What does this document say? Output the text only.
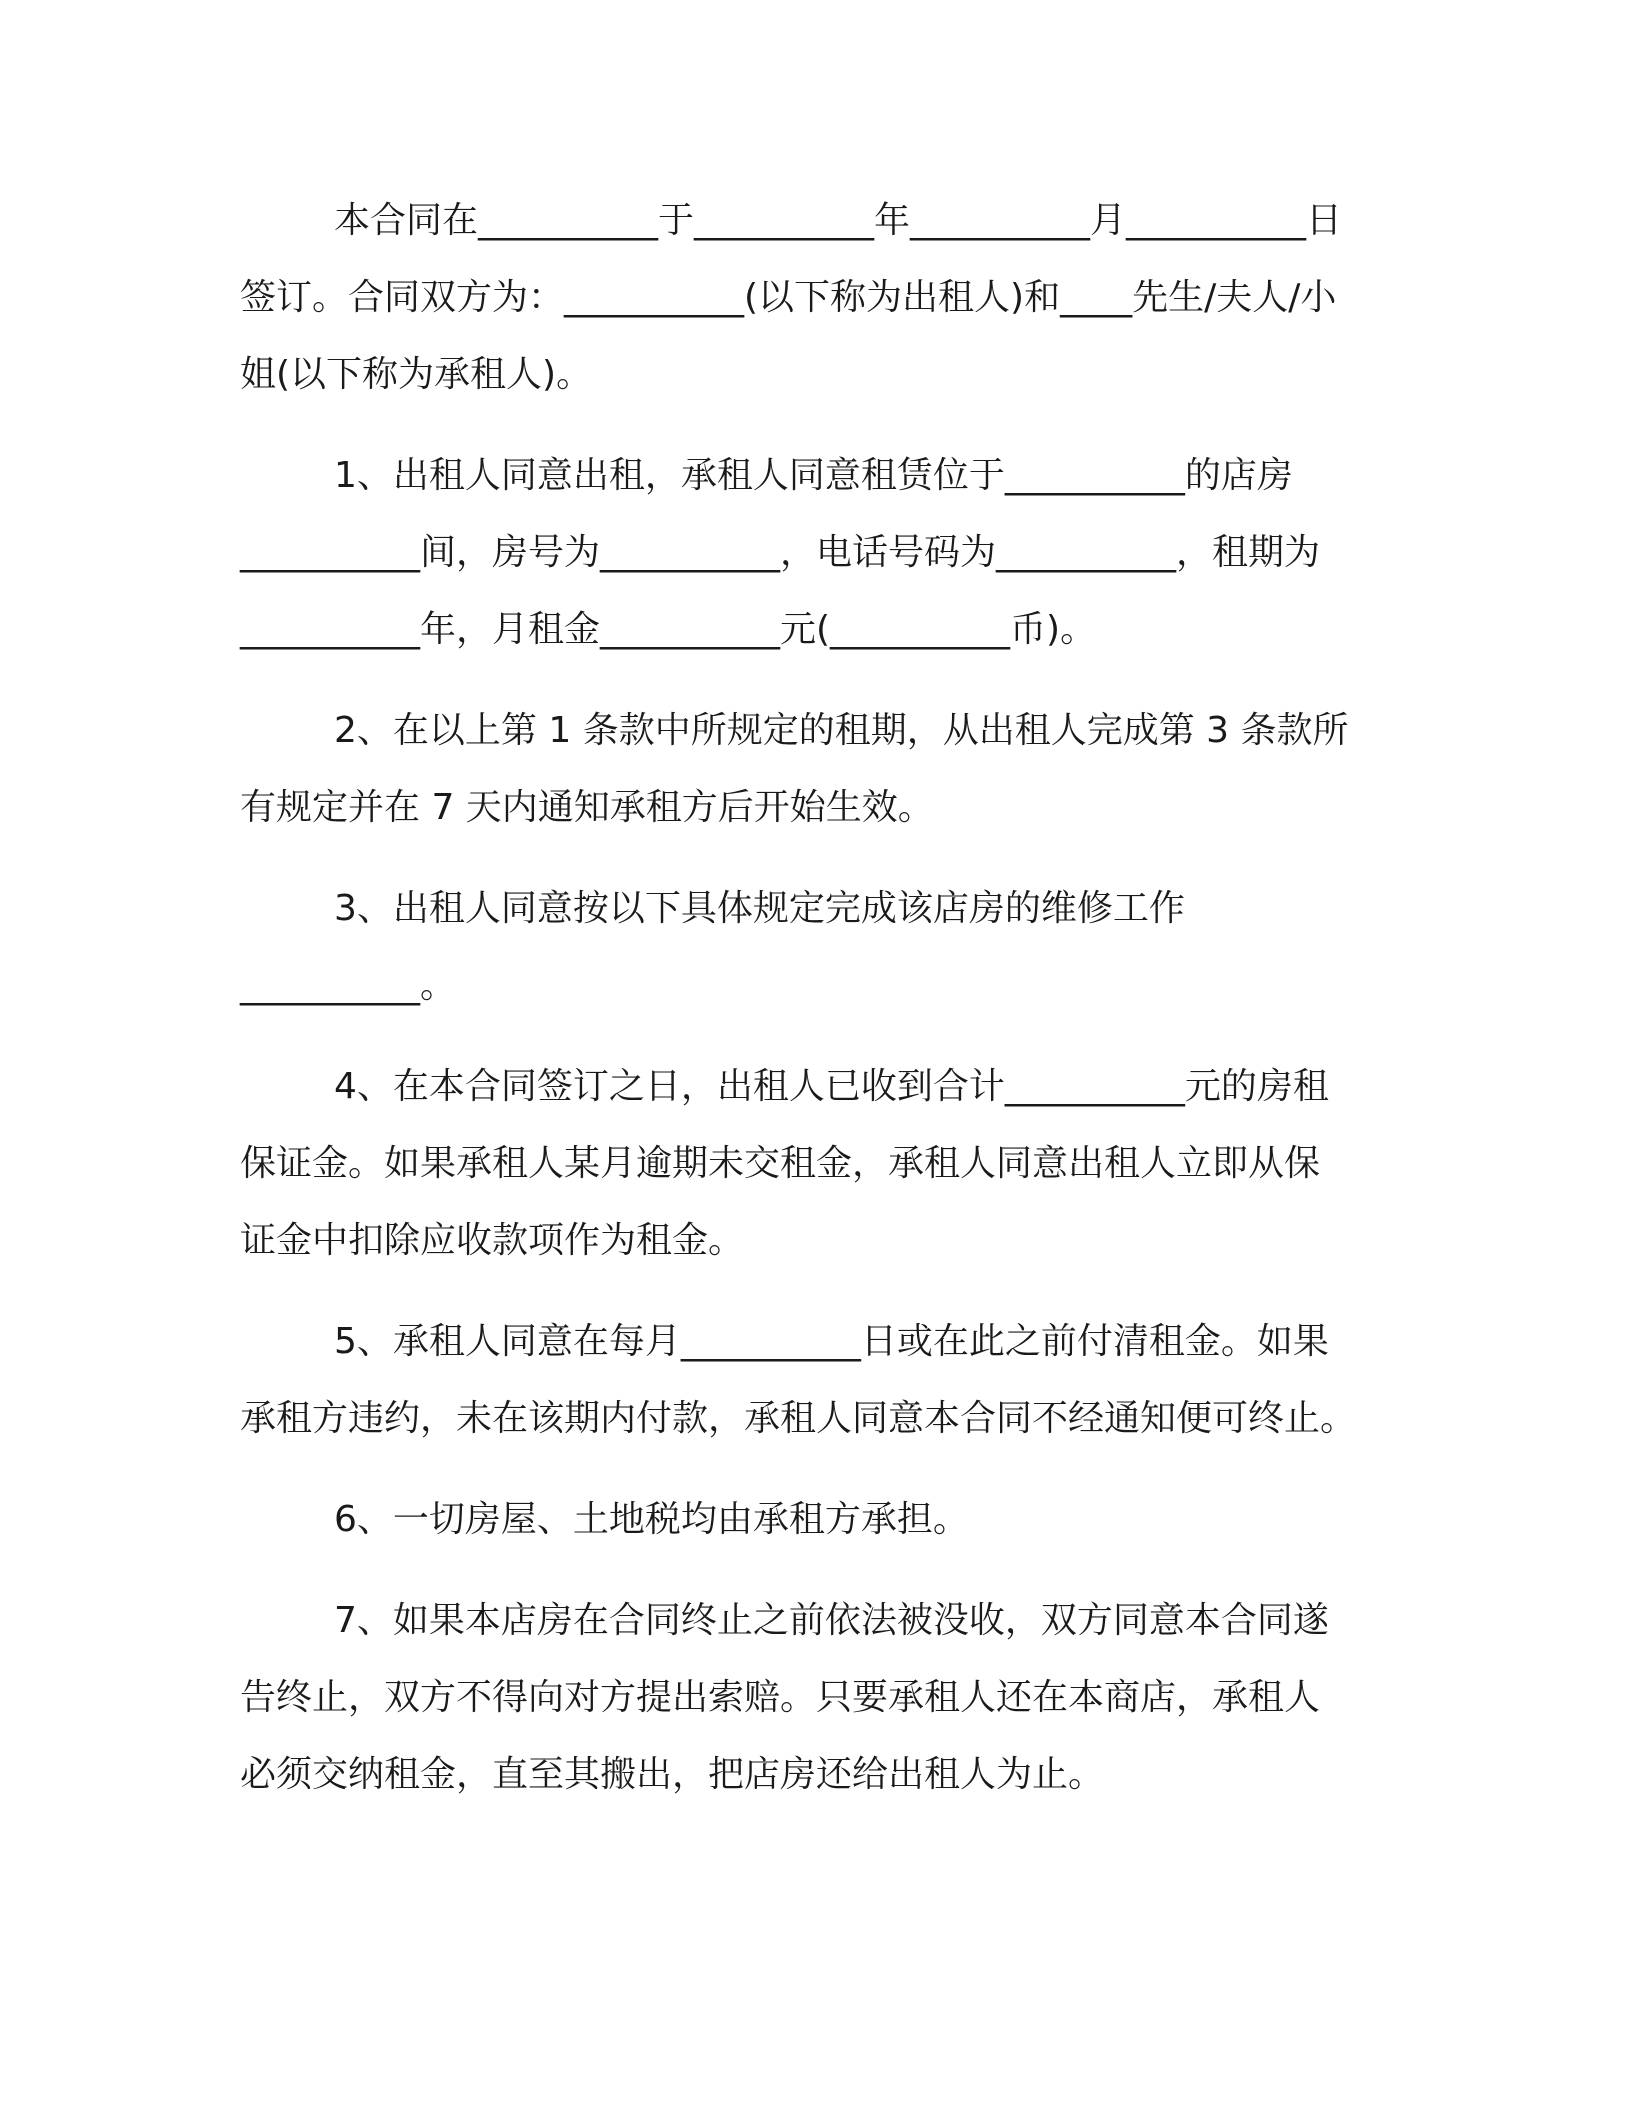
本合同在__________于__________年__________月__________日
签订。合同双方为：__________(以下称为出租人)和____先生/夫人/小
姐(以下称为承租人)。
1、出租人同意出租，承租人同意租赁位于__________的店房
__________间，房号为__________，电话号码为__________，租期为
__________年，月租金__________元(__________币)。
2、在以上第 1 条款中所规定的租期，从出租人完成第 3 条款所
有规定并在 7 天内通知承租方后开始生效。
3、出租人同意按以下具体规定完成该店房的维修工作
__________。
4、在本合同签订之日，出租人已收到合计__________元的房租
保证金。如果承租人某月逾期未交租金，承租人同意出租人立即从保
证金中扣除应收款项作为租金。
5、承租人同意在每月__________日或在此之前付清租金。如果
承租方违约，未在该期内付款，承租人同意本合同不经通知便可终止。
6、一切房屋、土地税均由承租方承担。
7、如果本店房在合同终止之前依法被没收，双方同意本合同遂
告终止，双方不得向对方提出索赔。只要承租人还在本商店，承租人
必须交纳租金，直至其搬出，把店房还给出租人为止。
